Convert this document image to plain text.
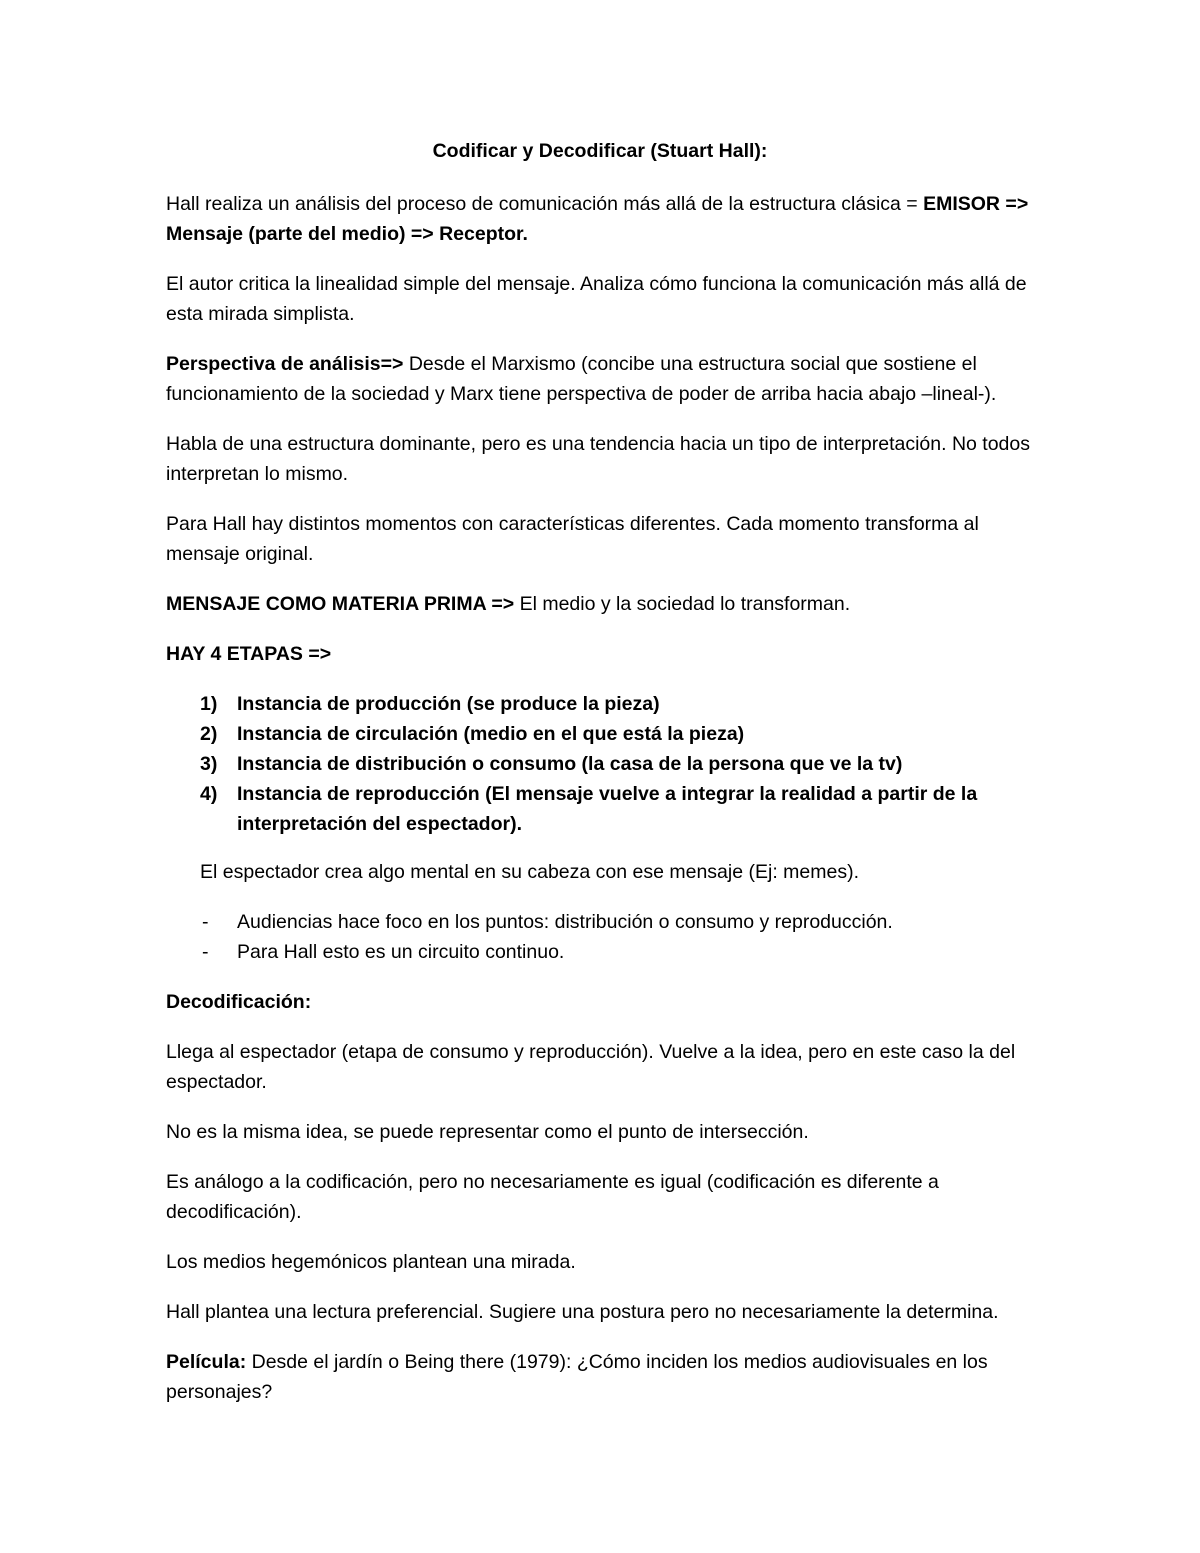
Codificar y Decodificar (Stuart Hall):

Hall realiza un análisis del proceso de comunicación más allá de la estructura clásica = EMISOR => Mensaje (parte del medio) => Receptor.

El autor critica la linealidad simple del mensaje. Analiza cómo funciona la comunicación más allá de esta mirada simplista.

Perspectiva de análisis=> Desde el Marxismo (concibe una estructura social que sostiene el funcionamiento de la sociedad y Marx tiene perspectiva de poder de arriba hacia abajo –lineal-).

Habla de una estructura dominante, pero es una tendencia hacia un tipo de interpretación. No todos interpretan lo mismo.

Para Hall hay distintos momentos con características diferentes. Cada momento transforma al mensaje original.

MENSAJE COMO MATERIA PRIMA => El medio y la sociedad lo transforman.

HAY 4 ETAPAS =>

1) Instancia de producción (se produce la pieza)
2) Instancia de circulación (medio en el que está la pieza)
3) Instancia de distribución o consumo (la casa de la persona que ve la tv)
4) Instancia de reproducción (El mensaje vuelve a integrar la realidad a partir de la interpretación del espectador).

El espectador crea algo mental en su cabeza con ese mensaje (Ej: memes).

- Audiencias hace foco en los puntos: distribución o consumo y reproducción.
- Para Hall esto es un circuito continuo.

Decodificación:

Llega al espectador (etapa de consumo y reproducción). Vuelve a la idea, pero en este caso la del espectador.

No es la misma idea, se puede representar como el punto de intersección.

Es análogo a la codificación, pero no necesariamente es igual (codificación es diferente a decodificación).

Los medios hegemónicos plantean una mirada.

Hall plantea una lectura preferencial. Sugiere una postura pero no necesariamente la determina.

Película: Desde el jardín o Being there (1979): ¿Cómo inciden los medios audiovisuales en los personajes?
